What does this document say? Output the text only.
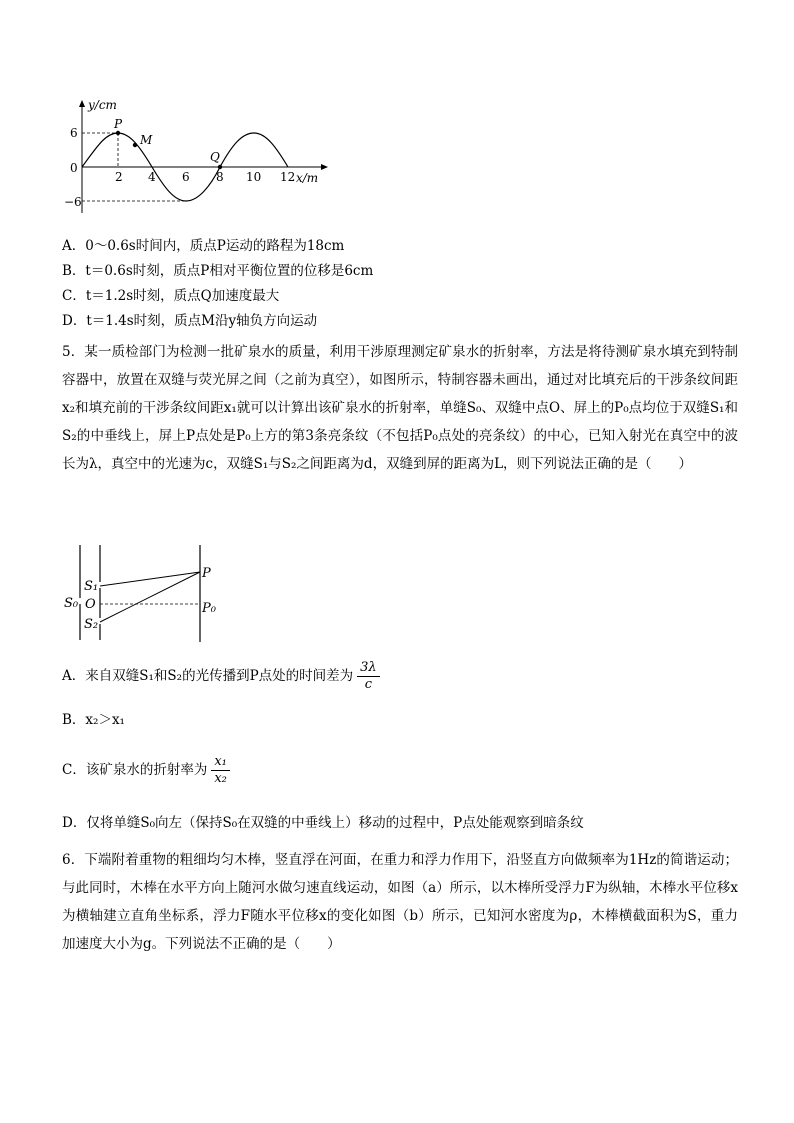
y/cm
x/m
6
0
−6
2 4 6 8 10 12
P
M
Q
A．0～0.6s时间内，质点P运动的路程为18cm
B．t＝0.6s时刻，质点P相对平衡位置的位移是6cm
C．t＝1.2s时刻，质点Q加速度最大
D．t＝1.4s时刻，质点M沿y轴负方向运动
5．某一质检部门为检测一批矿泉水的质量，利用干涉原理测定矿泉水的折射率，方法是将待测矿泉水填充到特制容器中，放置在双缝与荧光屏之间（之前为真空），如图所示，特制容器未画出，通过对比填充后的干涉条纹间距x₂和填充前的干涉条纹间距x₁就可以计算出该矿泉水的折射率，单缝S₀、双缝中点O、屏上的P₀点均位于双缝S₁和S₂的中垂线上，屏上P点处是P₀上方的第3条亮条纹（不包括P₀点处的亮条纹）的中心，已知入射光在真空中的波长为λ，真空中的光速为c，双缝S₁与S₂之间距离为d，双缝到屏的距离为L，则下列说法正确的是（　　）
S₀
S₁
O
S₂
P
P₀
A．来自双缝S₁和S₂的光传播到P点处的时间差为 $\frac{3\lambda}{c}$
B．x₂＞x₁
C．该矿泉水的折射率为 $\frac{\text{x₁}}{\text{x₂}}$
D．仅将单缝S₀向左（保持S₀在双缝的中垂线上）移动的过程中，P点处能观察到暗条纹
6．下端附着重物的粗细均匀木棒，竖直浮在河面，在重力和浮力作用下，沿竖直方向做频率为1Hz的简谐运动；与此同时，木棒在水平方向上随河水做匀速直线运动，如图（a）所示，以木棒所受浮力F为纵轴，木棒水平位移x为横轴建立直角坐标系，浮力F随水平位移x的变化如图（b）所示，已知河水密度为ρ，木棒横截面积为S，重力加速度大小为g。下列说法不正确的是（　　）
